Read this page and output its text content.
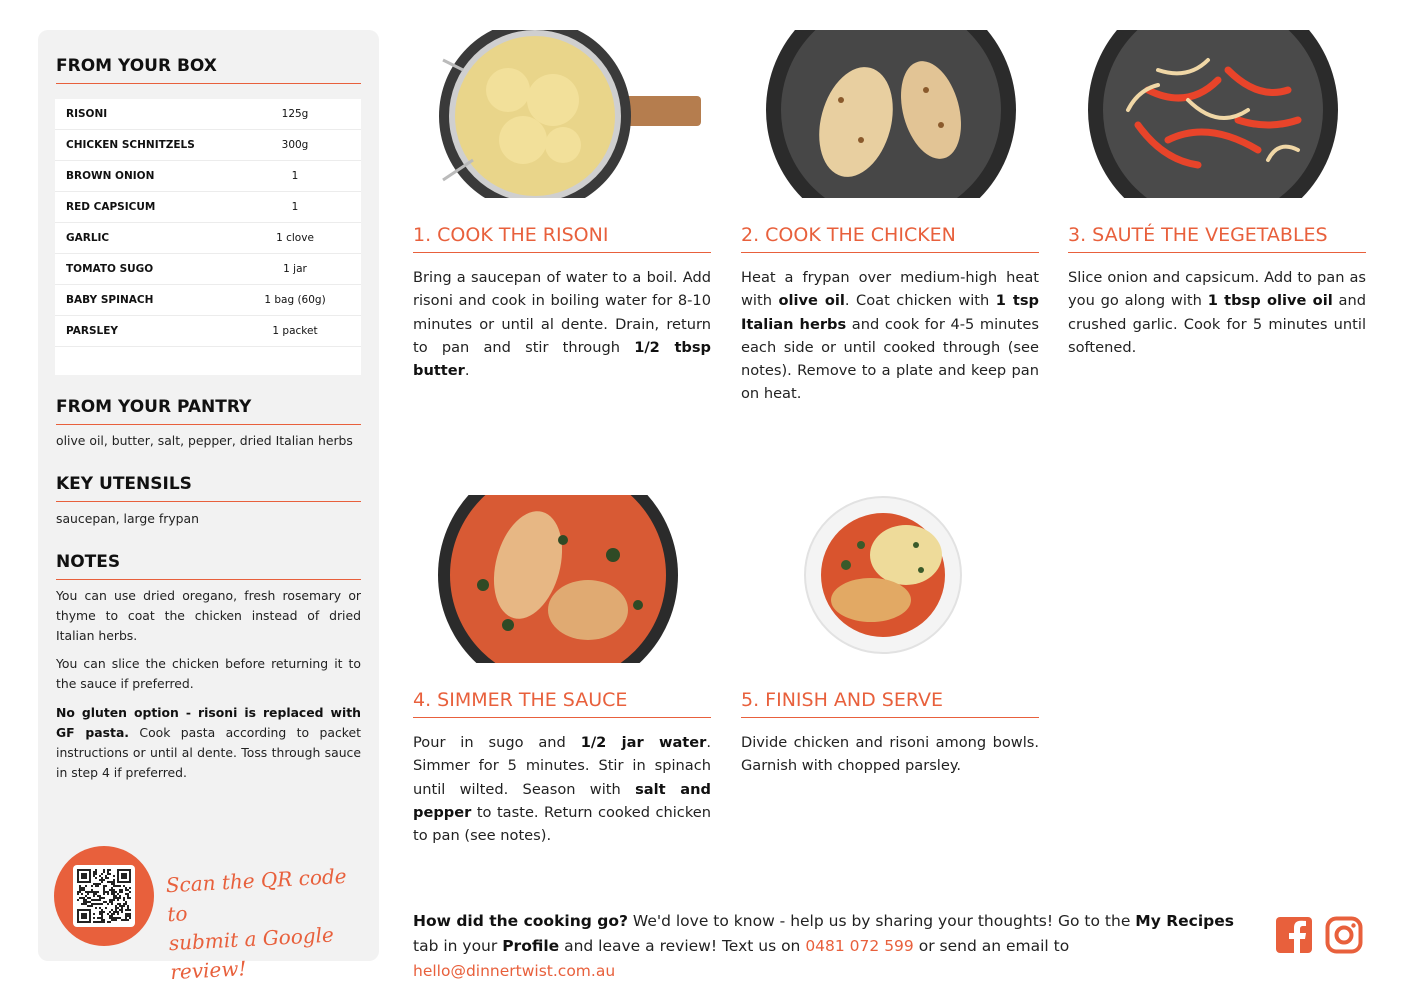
FROM YOUR BOX
RISONI	125g
CHICKEN SCHNITZELS	300g
BROWN ONION	1
RED CAPSICUM	1
GARLIC	1 clove
TOMATO SUGO	1 jar
BABY SPINACH	1 bag (60g)
PARSLEY	1 packet
FROM YOUR PANTRY
olive oil, butter, salt, pepper, dried Italian herbs
KEY UTENSILS
saucepan, large frypan
NOTES
You can use dried oregano, fresh rosemary or thyme to coat the chicken instead of dried Italian herbs.
You can slice the chicken before returning it to the sauce if preferred.
No gluten option - risoni is replaced with GF pasta. Cook pasta according to packet instructions or until al dente. Toss through sauce in step 4 if preferred.
Scan the QR code to
submit a Google review!
1. COOK THE RISONI
Bring a saucepan of water to a boil. Add risoni and cook in boiling water for 8-10 minutes or until al dente. Drain, return to pan and stir through 1/2 tbsp butter.
2. COOK THE CHICKEN
Heat a frypan over medium-high heat with olive oil. Coat chicken with 1 tsp Italian herbs and cook for 4-5 minutes each side or until cooked through (see notes). Remove to a plate and keep pan on heat.
3. SAUTÉ THE VEGETABLES
Slice onion and capsicum. Add to pan as you go along with 1 tbsp olive oil and crushed garlic. Cook for 5 minutes until softened.
4. SIMMER THE SAUCE
Pour in sugo and 1/2 jar water. Simmer for 5 minutes. Stir in spinach until wilted. Season with salt and pepper to taste. Return cooked chicken to pan (see notes).
5. FINISH AND SERVE
Divide chicken and risoni among bowls. Garnish with chopped parsley.
How did the cooking go? We'd love to know - help us by sharing your thoughts! Go to the My Recipes tab in your Profile and leave a review! Text us on 0481 072 599 or send an email to hello@dinnertwist.com.au
